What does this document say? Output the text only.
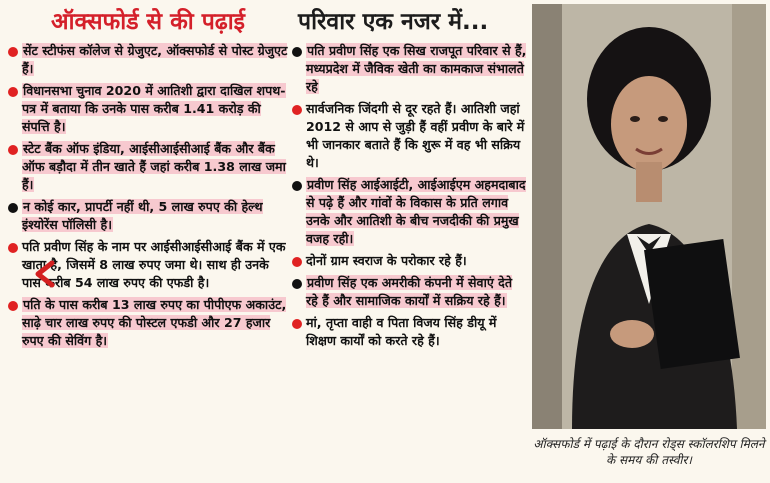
ऑक्सफोर्ड से की पढ़ाई
सेंट स्टीफंस कॉलेज से ग्रेजुएट, ऑक्सफोर्ड से पोस्ट ग्रेजुएट हैं।
विधानसभा चुनाव 2020 में आतिशी द्वारा दाखिल शपथ-पत्र में बताया कि उनके पास करीब 1.41 करोड़ की संपत्ति है।
स्टेट बैंक ऑफ इंडिया, आईसीआईसीआई बैंक और बैंक ऑफ बड़ौदा में तीन खाते हैं जहां करीब 1.38 लाख जमा हैं।
न कोई कार, प्रापर्टी नहीं थी, 5 लाख रुपए की हेल्थ इंश्योरेंस पॉलिसी है।
पति प्रवीण सिंह के नाम पर आईसीआईसीआई बैंक में एक खाता है, जिसमें 8 लाख रुपए जमा थे। साथ ही उनके पास करीब 54 लाख रुपए की एफडी है।
पति के पास करीब 13 लाख रुपए का पीपीएफ अकाउंट, साढ़े चार लाख रुपए की पोस्टल एफडी और 27 हजार रुपए की सेविंग है।
परिवार एक नजर में...
पति प्रवीण सिंह एक सिख राजपूत परिवार से हैं, मध्यप्रदेश में जैविक खेती का कामकाज संभालते रहे
सार्वजनिक जिंदगी से दूर रहते हैं। आतिशी जहां 2012 से आप से जुड़ी हैं वहीं प्रवीण के बारे में भी जानकार बताते हैं कि शुरू में वह भी सक्रिय थे।
प्रवीण सिंह आईआईटी, आईआईएम अहमदाबाद से पढ़े हैं और गांवों के विकास के प्रति लगाव उनके और आतिशी के बीच नजदीकी की प्रमुख वजह रही।
दोनों ग्राम स्वराज के परोकार रहे हैं।
प्रवीण सिंह एक अमरीकी कंपनी में सेवाएं देते रहे हैं और सामाजिक कार्यों में सक्रिय रहे हैं।
मां, तृप्ता वाही व पिता विजय सिंह डीयू में शिक्षण कार्यों को करते रहे हैं।
ऑक्सफोर्ड में पढ़ाई के दौरान रोड्स स्कॉलरशिप मिलने के समय की तस्वीर।
